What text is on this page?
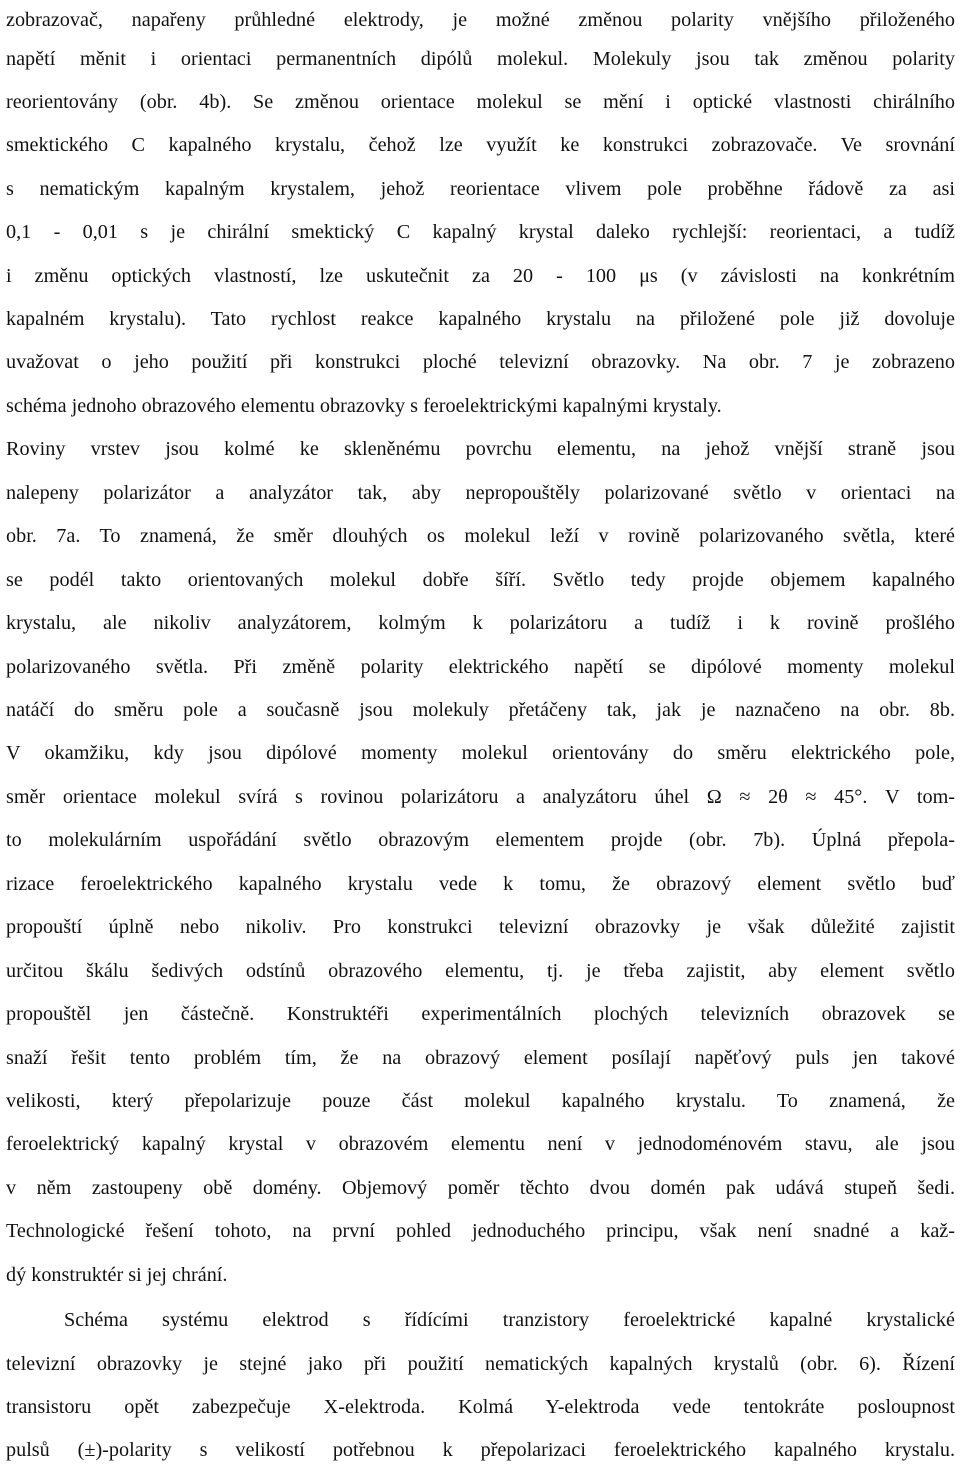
zobrazovač, napařeny průhledné elektrody, je možné změnou polarity vnějšího přiloženého
napětí měnit i orientaci permanentních dipólů molekul. Molekuly jsou tak změnou polarity
reorientovány (obr. 4b). Se změnou orientace molekul se mění i optické vlastnosti chirálního
smektického C kapalného krystalu, čehož lze využít ke konstrukci zobrazovače. Ve srovnání
s nematickým kapalným krystalem, jehož reorientace vlivem pole proběhne řádově za asi
0,1 - 0,01 s je chirální smektický C kapalný krystal daleko rychlejší: reorientaci, a tudíž
i změnu optických vlastností, lze uskutečnit za 20 - 100 μs (v závislosti na konkrétním
kapalném krystalu). Tato rychlost reakce kapalného krystalu na přiložené pole již dovoluje
uvažovat o jeho použití při konstrukci ploché televizní obrazovky. Na obr. 7 je zobrazeno
schéma jednoho obrazového elementu obrazovky s feroelektrickými kapalnými krystaly.
Roviny vrstev jsou kolmé ke skleněnému povrchu elementu, na jehož vnější straně jsou
nalepeny polarizátor a analyzátor tak, aby nepropouštěly polarizované světlo v orientaci na
obr. 7a. To znamená, že směr dlouhých os molekul leží v rovině polarizovaného světla, které
se podél takto orientovaných molekul dobře šíří. Světlo tedy projde objemem kapalného
krystalu, ale nikoliv analyzátorem, kolmým k polarizátoru a tudíž i k rovině prošlého
polarizovaného světla. Při změně polarity elektrického napětí se dipólové momenty molekul
natáčí do směru pole a současně jsou molekuly přetáčeny tak, jak je naznačeno na obr. 8b.
V okamžiku, kdy jsou dipólové momenty molekul orientovány do směru elektrického pole,
směr orientace molekul svírá s rovinou polarizátoru a analyzátoru úhel Ω ≈ 2θ ≈ 45°. V tom-
to molekulárním uspořádání světlo obrazovým elementem projde (obr. 7b). Úplná přepola-
rizace feroelektrického kapalného krystalu vede k tomu, že obrazový element světlo buď
propouští úplně nebo nikoliv. Pro konstrukci televizní obrazovky je však důležité zajistit
určitou škálu šedivých odstínů obrazového elementu, tj. je třeba zajistit, aby element světlo
propouštěl jen částečně. Konstruktéři experimentálních plochých televizních obrazovek se
snaží řešit tento problém tím, že na obrazový element posílají napěťový puls jen takové
velikosti, který přepolarizuje pouze část molekul kapalného krystalu. To znamená, že
feroelektrický kapalný krystal v obrazovém elementu není v jednodoménovém stavu, ale jsou
v něm zastoupeny obě domény. Objemový poměr těchto dvou domén pak udává stupeň šedi.
Technologické řešení tohoto, na první pohled jednoduchého principu, však není snadné a kaž-
dý konstruktér si jej chrání.
Schéma systému elektrod s řídícími tranzistory feroelektrické kapalné krystalické
televizní obrazovky je stejné jako při použití nematických kapalných krystalů (obr. 6). Řízení
transistoru opět zabezpečuje X-elektroda. Kolmá Y-elektroda vede tentokráte posloupnost
pulsů (±)-polarity s velikostí potřebnou k přepolarizaci feroelektrického kapalného krystalu.
